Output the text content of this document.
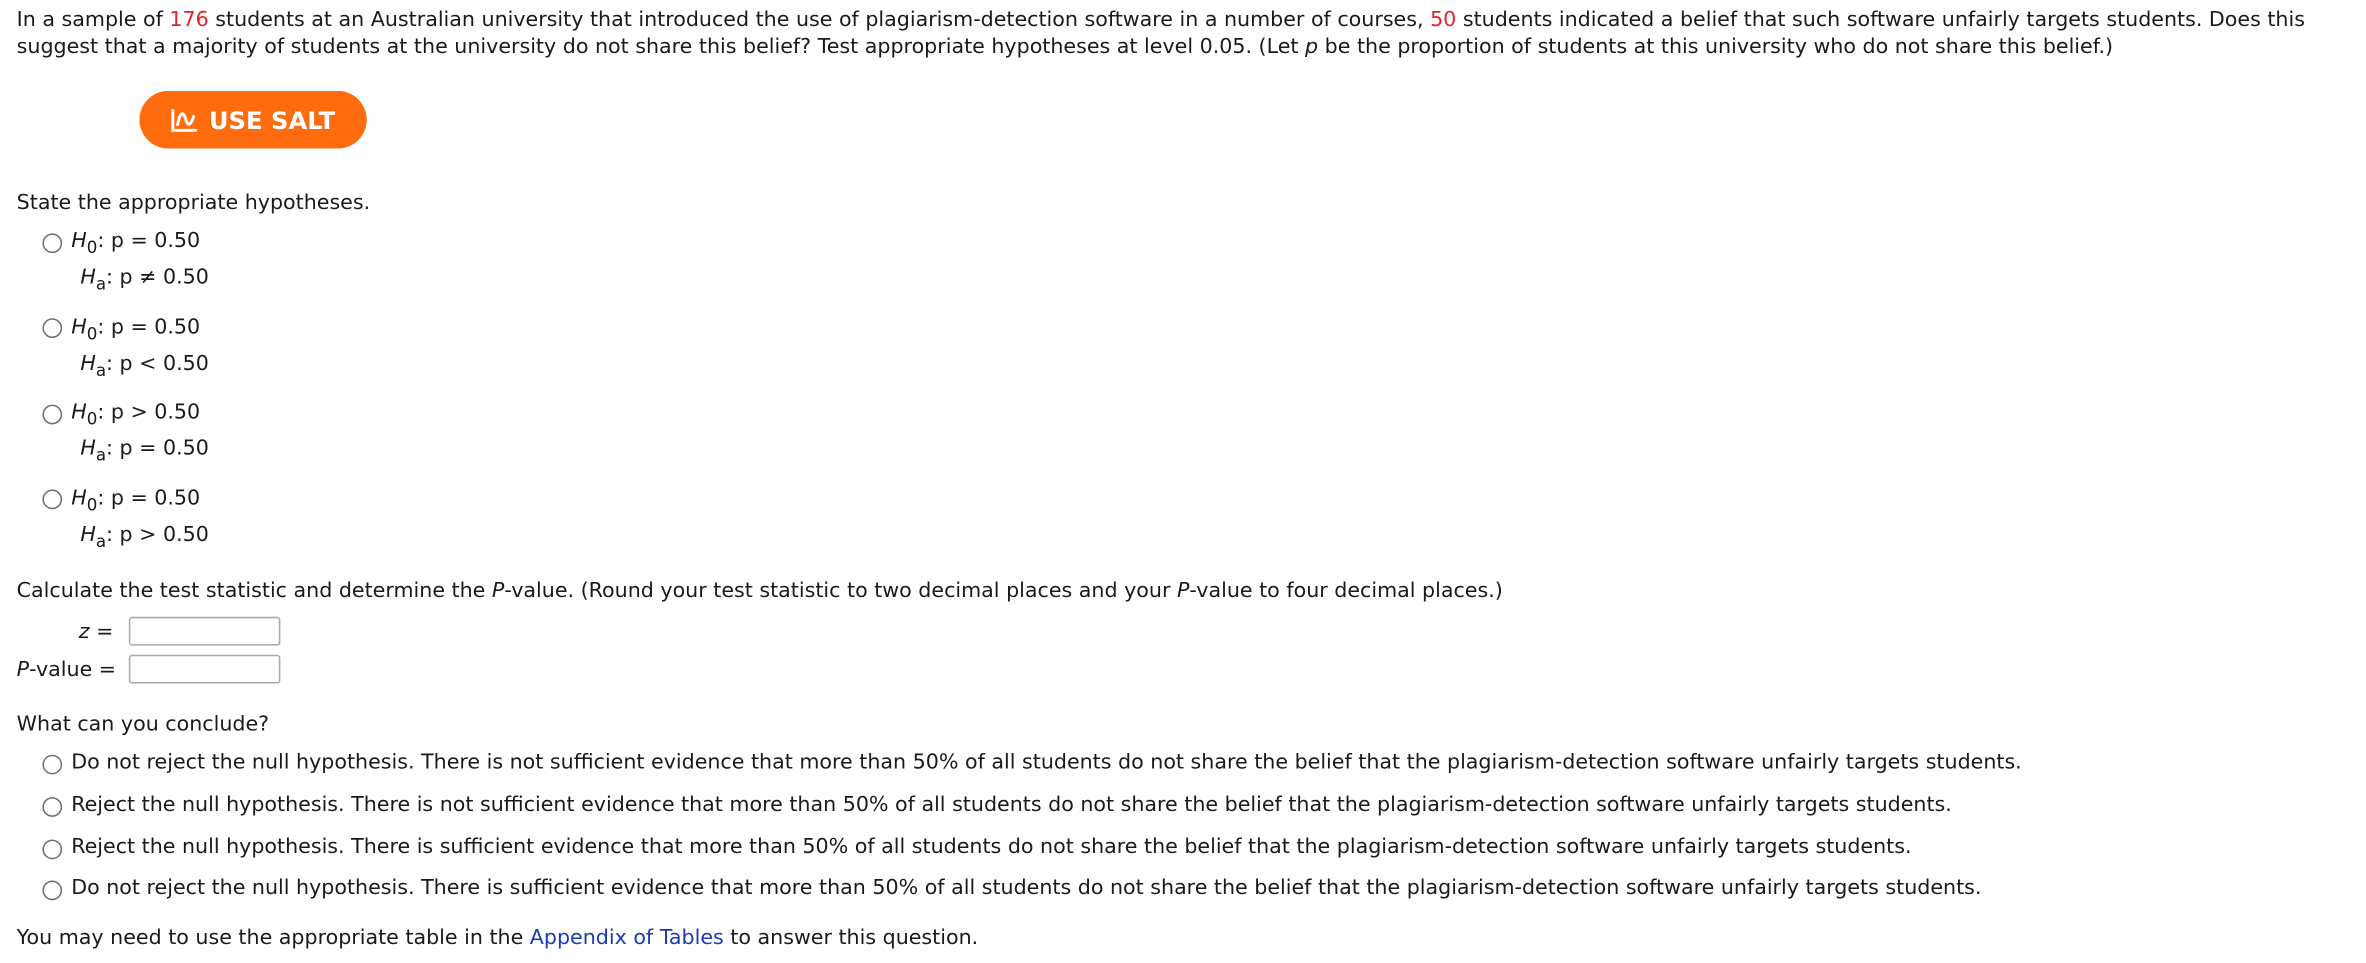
In a sample of 176 students at an Australian university that introduced the use of plagiarism-detection software in a number of courses, 50 students indicated a belief that such software unfairly targets students. Does this suggest that a majority of students at the university do not share this belief? Test appropriate hypotheses at level 0.05. (Let p be the proportion of students at this university who do not share this belief.)
USE SALT
State the appropriate hypotheses.
$H_0$: p = 0.50
$H_a$: p ≠ 0.50
$H_0$: p = 0.50
$H_a$: p < 0.50
$H_0$: p > 0.50
$H_a$: p = 0.50
$H_0$: p = 0.50
$H_a$: p > 0.50
Calculate the test statistic and determine the P-value. (Round your test statistic to two decimal places and your P-value to four decimal places.)
z =
P-value =
What can you conclude?
Do not reject the null hypothesis. There is not sufficient evidence that more than 50% of all students do not share the belief that the plagiarism-detection software unfairly targets students.
Reject the null hypothesis. There is not sufficient evidence that more than 50% of all students do not share the belief that the plagiarism-detection software unfairly targets students.
Reject the null hypothesis. There is sufficient evidence that more than 50% of all students do not share the belief that the plagiarism-detection software unfairly targets students.
Do not reject the null hypothesis. There is sufficient evidence that more than 50% of all students do not share the belief that the plagiarism-detection software unfairly targets students.
You may need to use the appropriate table in the Appendix of Tables to answer this question.
